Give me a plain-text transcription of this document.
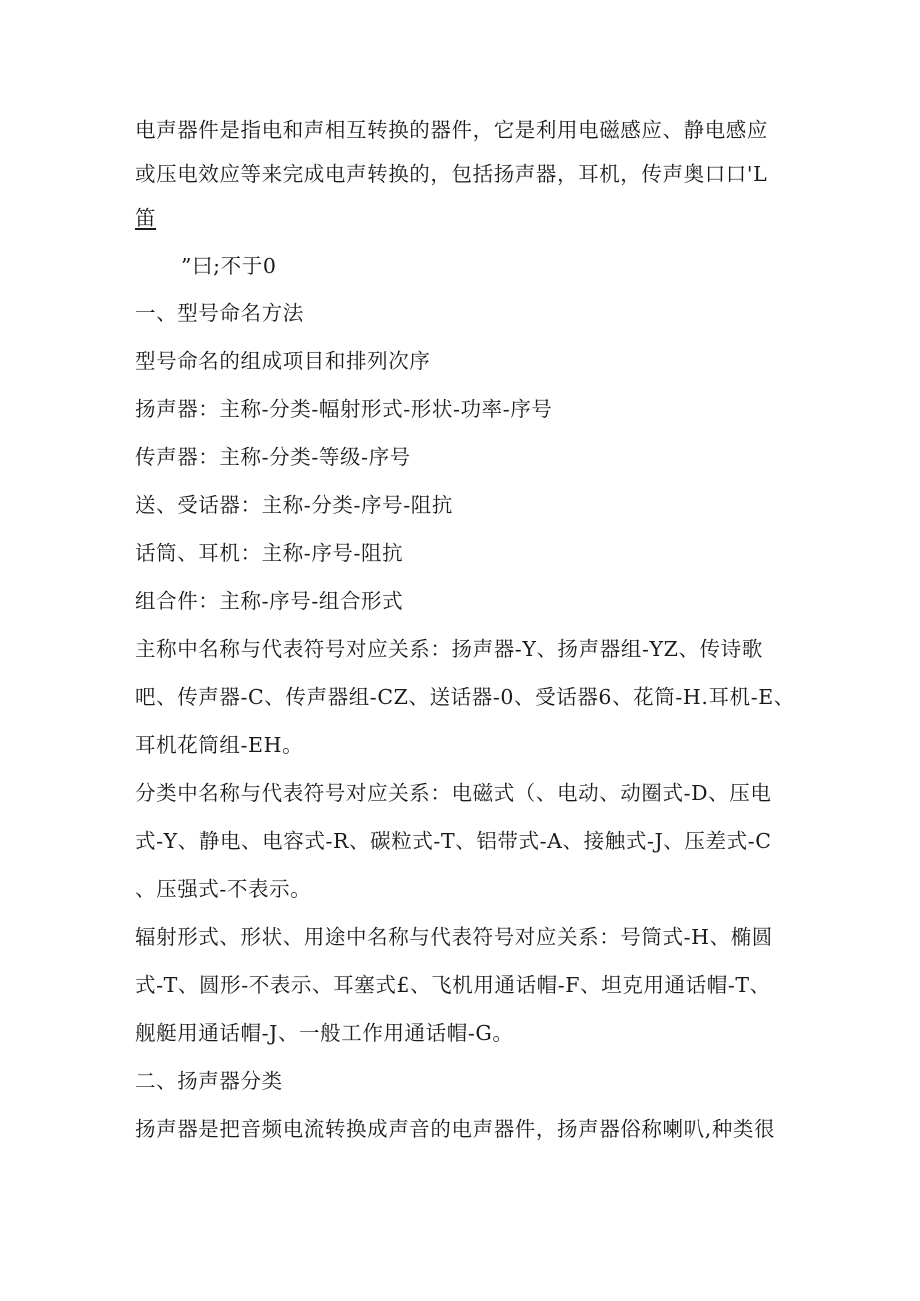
电声器件是指电和声相互转换的器件，它是利用电磁感应、静电感应
或压电效应等来完成电声转换的，包括扬声器，耳机，传声奥口口'L
笛
”曰;不于0
一、型号命名方法
型号命名的组成项目和排列次序
扬声器：主称-分类-幅射形式-形状-功率-序号
传声器：主称-分类-等级-序号
送、受话器：主称-分类-序号-阻抗
话筒、耳机：主称-序号-阻抗
组合件：主称-序号-组合形式
主称中名称与代表符号对应关系：扬声器-Y、扬声器组-YZ、传诗歌
吧、传声器-C、传声器组-CZ、送话器-0、受话器6、花筒-H.耳机-E、
耳机花筒组-EH。
分类中名称与代表符号对应关系：电磁式（、电动、动圈式-D、压电
式-Y、静电、电容式-R、碳粒式-T、铝带式-A、接触式-J、压差式-C
、压强式-不表示。
辐射形式、形状、用途中名称与代表符号对应关系：号筒式-H、椭圆
式-T、圆形-不表示、耳塞式£、飞机用通话帽-F、坦克用通话帽-T、
舰艇用通话帽-J、一般工作用通话帽-G。
二、扬声器分类
扬声器是把音频电流转换成声音的电声器件，扬声器俗称喇叭,种类很
